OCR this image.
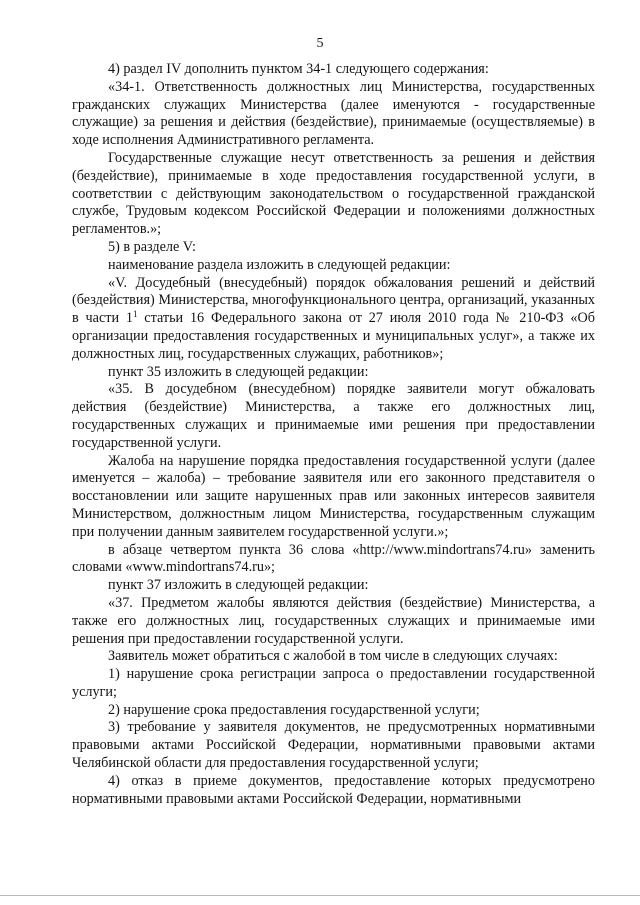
5

4) раздел IV дополнить пунктом 34-1 следующего содержания:

«34-1. Ответственность должностных лиц Министерства, государственных гражданских служащих Министерства (далее именуются - государственные служащие) за решения и действия (бездействие), принимаемые (осуществляемые) в ходе исполнения Административного регламента.

Государственные служащие несут ответственность за решения и действия (бездействие), принимаемые в ходе предоставления государственной услуги, в соответствии с действующим законодательством о государственной гражданской службе, Трудовым кодексом Российской Федерации и положениями должностных регламентов.»;

5) в разделе V:

наименование раздела изложить в следующей редакции:

«V. Досудебный (внесудебный) порядок обжалования решений и действий (бездействия) Министерства, многофункционального центра, организаций, указанных в части $1^1$ статьи 16 Федерального закона от 27 июля 2010 года № 210-ФЗ «Об организации предоставления государственных и муниципальных услуг», а также их должностных лиц, государственных служащих, работников»;

пункт 35 изложить в следующей редакции:

«35. В досудебном (внесудебном) порядке заявители могут обжаловать действия (бездействие) Министерства, а также его должностных лиц, государственных служащих и принимаемые ими решения при предоставлении государственной услуги.

Жалоба на нарушение порядка предоставления государственной услуги (далее именуется – жалоба) – требование заявителя или его законного представителя о восстановлении или защите нарушенных прав или законных интересов заявителя Министерством, должностным лицом Министерства, государственным служащим при получении данным заявителем государственной услуги.»;

в абзаце четвертом пункта 36 слова «http://www.mindortrans74.ru» заменить словами «www.mindortrans74.ru»;

пункт 37 изложить в следующей редакции:

«37. Предметом жалобы являются действия (бездействие) Министерства, а также его должностных лиц, государственных служащих и принимаемые ими решения при предоставлении государственной услуги.

Заявитель может обратиться с жалобой в том числе в следующих случаях:

1) нарушение срока регистрации запроса о предоставлении государственной услуги;

2) нарушение срока предоставления государственной услуги;

3) требование у заявителя документов, не предусмотренных нормативными правовыми актами Российской Федерации, нормативными правовыми актами Челябинской области для предоставления государственной услуги;

4) отказ в приеме документов, предоставление которых предусмотрено нормативными правовыми актами Российской Федерации, нормативными
